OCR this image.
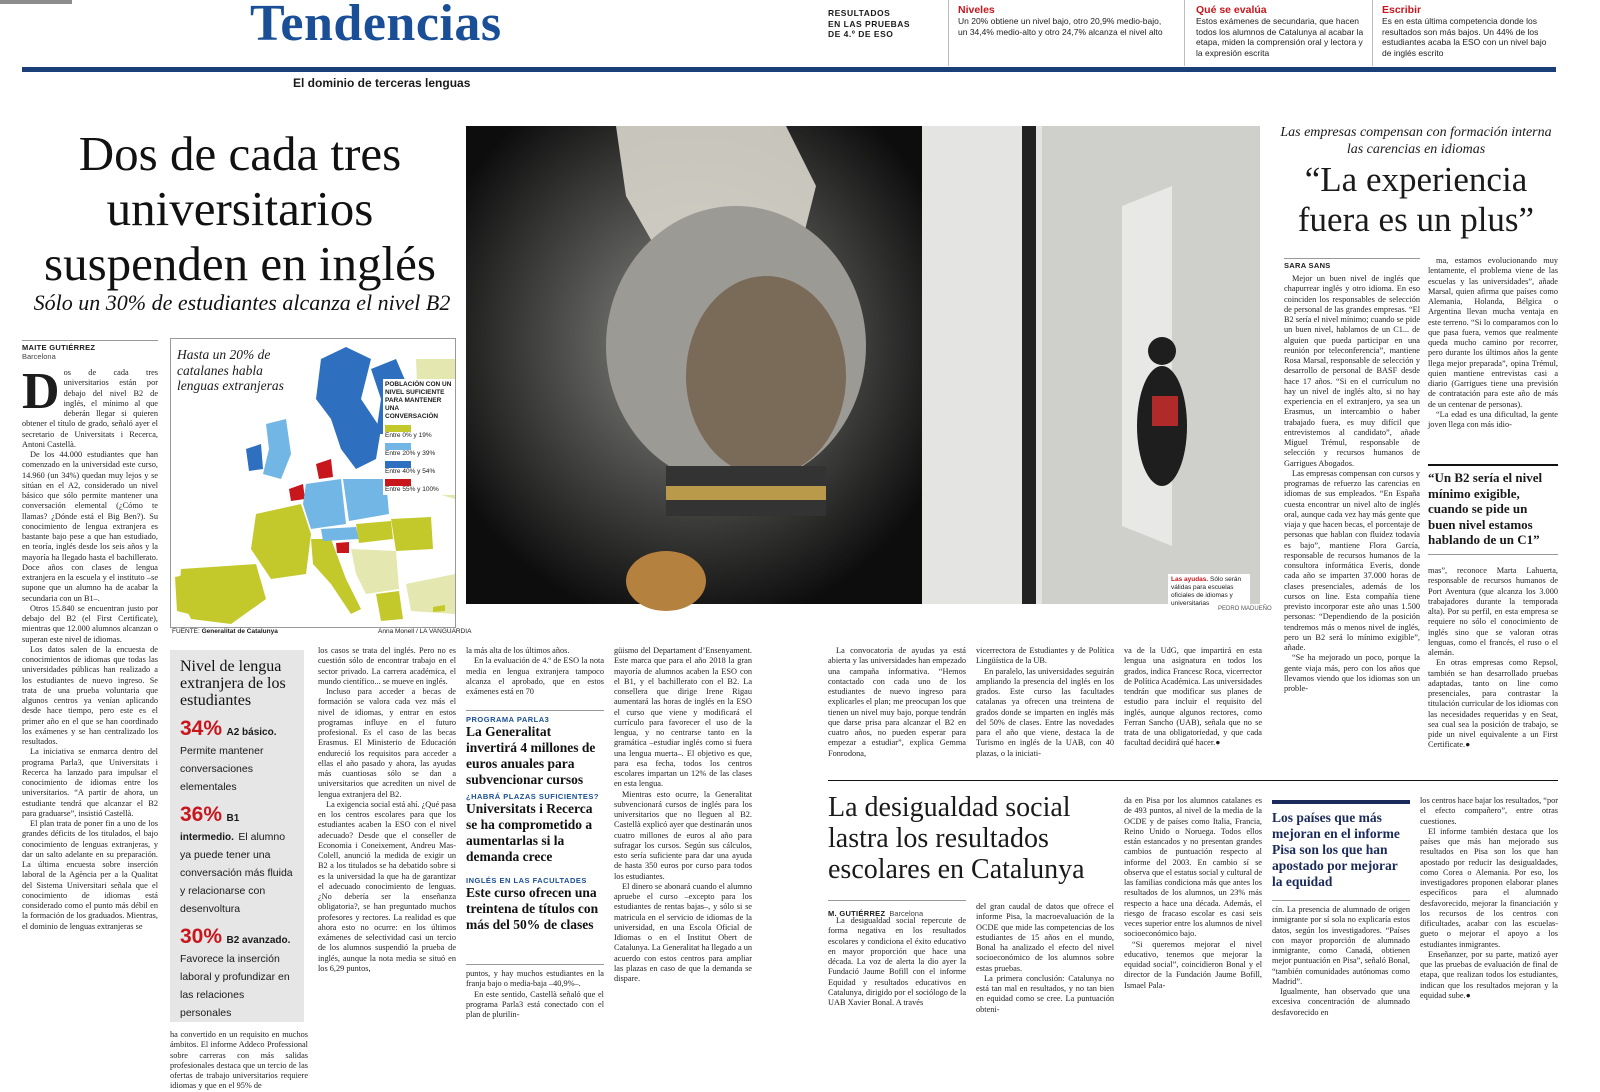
Tendencias	RESULTADOS
EN LAS PRUEBAS
DE 4.º DE ESO
Niveles
Un 20% obtiene un nivel bajo, otro 20,9% medio-bajo, un 34,4% medio-alto y otro 24,7% alcanza el nivel alto
Qué se evalúa
Estos exámenes de secundaria, que hacen todos los alumnos de Catalunya al acabar la etapa, miden la comprensión oral y lectora y la expresión escrita
Escribir
Es en esta última competencia donde los resultados son más bajos. Un 44% de los estudiantes acaba la ESO con un nivel bajo de inglés escrito
El dominio de terceras lenguas
Dos de cada tres universitarios suspenden en inglés
Sólo un 30% de estudiantes alcanza el nivel B2
MAITE GUTIÉRREZ
Barcelona
D os de cada tres universitarios están por debajo del nivel B2 de inglés, el mínimo al que deberán llegar si quieren obtener el título de grado, señaló ayer el secretario de Universitats i Recerca, Antoni Castellà.

De los 44.000 estudiantes que han comenzado en la universidad este curso, 14.960 (un 34%) quedan muy lejos y se sitúan en el A2, considerado un nivel básico que sólo permite mantener una conversación elemental (¿Cómo te llamas? ¿Dónde está el Big Ben?). Su conocimiento de lengua extranjera es bastante bajo pese a que han estudiado, en teoría, inglés desde los seis años y la mayoría ha llegado hasta el bachillerato. Doce años con clases de lengua extranjera en la escuela y el instituto –se supone que un alumno ha de acabar la secundaria con un B1–.

Otros 15.840 se encuentran justo por debajo del B2 (el First Certificate), mientras que 12.000 alumnos alcanzan o superan este nivel de idiomas.

Los datos salen de la encuesta de conocimientos de idiomas que todas las universidades públicas han realizado a los estudiantes de nuevo ingreso. Se trata de una prueba voluntaria que algunos centros ya venían aplicando desde hace tiempo, pero este es el primer año en el que se han coordinado los exámenes y se han centralizado los resultados.

La iniciativa se enmarca dentro del programa Parla3, que Universitats i Recerca ha lanzado para impulsar el conocimiento de idiomas entre los universitarios. “A partir de ahora, un estudiante tendrá que alcanzar el B2 para graduarse”, insistió Castellà.

El plan trata de poner fin a uno de los grandes déficits de los titulados, el bajo conocimiento de lenguas extranjeras, y dar un salto adelante en su preparación. La última encuesta sobre inserción laboral de la Agència per a la Qualitat del Sistema Universitari señala que el conocimiento de idiomas está considerado como el punto más débil en la formación de los graduados. Mientras, el dominio de lenguas extranjeras se

Hasta un 20% de catalanes habla lenguas extranjeras	POBLACIÓN CON UN NIVEL SUFICIENTE PARA MANTENER UNA CONVERSACIÓN
Entre 0% y 19%
Entre 20% y 39%
Entre 40% y 54%
Entre 55% y 100%
FUENTE: Generalitat de Catalunya	Anna Monell / LA VANGUARDIA
Nivel de lengua extranjera de los estudiantes
34% A2 básico. Permite mantener conversaciones elementales
36% B1 intermedio. El alumno ya puede tener una conversación más fluida y relacionarse con desenvoltura
30% B2 avanzado. Favorece la inserción laboral y profundizar en las relaciones personales

los casos se trata del inglés. Pero no es cuestión sólo de encontrar trabajo en el sector privado. La carrera académica, el mundo científico... se mueve en inglés.

Incluso para acceder a becas de formación se valora cada vez más el nivel de idiomas, y entrar en estos programas influye en el futuro profesional. Es el caso de las becas Erasmus. El Ministerio de Educación endureció los requisitos para acceder a ellas el año pasado y ahora, las ayudas más cuantiosas sólo se dan a universitarios que acrediten un nivel de lengua extranjera del B2.

La exigencia social está ahí. ¿Qué pasa en los centros escolares para que los estudiantes acaben la ESO con el nivel adecuado? Desde que el conseller de Economia i Coneixement, Andreu Mas-Colell, anunció la medida de exigir un B2 a los titulados se ha debatido sobre si es la universidad la que ha de garantizar el adecuado conocimiento de lenguas. ¿No debería ser la enseñanza obligatoria?, se han preguntado muchos profesores y rectores. La realidad es que ahora esto no ocurre: en los últimos exámenes de selectividad casi un tercio de los alumnos suspendió la prueba de inglés, aunque la nota media se situó en los 6,29 puntos,

ha convertido en un requisito en muchos ámbitos. El informe Addeco Professional sobre carreras con más salidas profesionales destaca que un tercio de las ofertas de trabajo universitarios requiere idiomas y que en el 95% de

Las ayudas. Sólo serán válidas para escuelas oficiales de idiomas y universitarias
PEDRO MADUEÑO

la más alta de los últimos años.

En la evaluación de 4.º de ESO la nota media en lengua extranjera tampoco alcanza el aprobado, que en estos exámenes está en 70

PROGRAMA PARLA3
La Generalitat invertirá 4 millones de euros anuales para subvencionar cursos
¿HABRÁ PLAZAS SUFICIENTES?
Universitats i Recerca se ha comprometido a aumentarlas si la demanda crece
INGLÉS EN LAS FACULTADES
Este curso ofrecen una treintena de títulos con más del 50% de clases

puntos, y hay muchos estudiantes en la franja bajo o media-baja –40,9%–.

En este sentido, Castellà señaló que el programa Parla3 está conectado con el plan de plurilin-

güismo del Departament d’Ensenyament. Este marca que para el año 2018 la gran mayoría de alumnos acaben la ESO con el B1, y el bachillerato con el B2. La consellera que dirige Irene Rigau aumentará las horas de inglés en la ESO el curso que viene y modificará el currículo para favorecer el uso de la lengua, y no centrarse tanto en la gramática –estudiar inglés como si fuera una lengua muerta–. El objetivo es que, para esa fecha, todos los centros escolares impartan un 12% de las clases en esta lengua.

Mientras esto ocurre, la Generalitat subvencionará cursos de inglés para los universitarios que no lleguen al B2. Castellà explicó ayer que destinarán unos cuatro millones de euros al año para sufragar los cursos. Según sus cálculos, esto sería suficiente para dar una ayuda de hasta 350 euros por curso para todos los estudiantes.

El dinero se abonará cuando el alumno apruebe el curso –excepto para los estudiantes de rentas bajas–, y sólo si se matricula en el servicio de idiomas de la universidad, en una Escola Oficial de Idiomas o en el Institut Obert de Catalunya. La Generalitat ha llegado a un acuerdo con estos centros para ampliar las plazas en caso de que la demanda se dispare.

La convocatoria de ayudas ya está abierta y las universidades han empezado una campaña informativa. “Hemos contactado con cada uno de los estudiantes de nuevo ingreso para explicarles el plan; me preocupan los que tienen un nivel muy bajo, porque tendrán que darse prisa para alcanzar el B2 en cuatro años, no pueden esperar para empezar a estudiar”, explica Gemma Fonrodona,

vicerrectora de Estudiantes y de Política Lingüística de la UB.

En paralelo, las universidades seguirán ampliando la presencia del inglés en los grados. Este curso las facultades catalanas ya ofrecen una treintena de grados donde se imparten en inglés más del 50% de clases. Entre las novedades para el año que viene, destaca la de Turismo en inglés de la UAB, con 40 plazas, o la iniciati-

va de la UdG, que impartirá en esta lengua una asignatura en todos los grados, indica Francesc Roca, vicerrector de Política Académica. Las universidades tendrán que modificar sus planes de estudio para incluir el requisito del inglés, aunque algunos rectores, como Ferran Sancho (UAB), señala que no se trata de una obligatoriedad, y que cada facultad decidirá qué hacer.●

Las empresas compensan con formación interna las carencias en idiomas
“La experiencia fuera es un plus”
SARA SANS

Mejor un buen nivel de inglés que chapurrear inglés y otro idioma. En eso coinciden los responsables de selección de personal de las grandes empresas. “El B2 sería el nivel mínimo; cuando se pide un buen nivel, hablamos de un C1... de alguien que pueda participar en una reunión por teleconferencia”, mantiene Rosa Marsal, responsable de selección y desarrollo de personal de BASF desde hace 17 años. “Si en el currículum no hay un nivel de inglés alto, si no hay experiencia en el extranjero, ya sea un Erasmus, un intercambio o haber trabajado fuera, es muy difícil que entrevistemos al candidato”, añade Miguel Trémul, responsable de selección y recursos humanos de Garrigues Abogados.

Las empresas compensan con cursos y programas de refuerzo las carencias en idiomas de sus empleados. “En España cuesta encontrar un nivel alto de inglés oral, aunque cada vez hay más gente que viaja y que hacen becas, el porcentaje de personas que hablan con fluidez todavía es bajo”, mantiene Flora García, responsable de recursos humanos de la consultora informática Everis, donde cada año se imparten 37.000 horas de clases presenciales, además de los cursos on line. Esta compañía tiene previsto incorporar este año unas 1.500 personas: “Dependiendo de la posición tendremos más o menos nivel de inglés, pero un B2 será lo mínimo exigible”, añade.

“Se ha mejorado un poco, porque la gente viaja más, pero con los años que llevamos viendo que los idiomas son un proble-

ma, estamos evolucionando muy lentamente, el problema viene de las escuelas y las universidades”, añade Marsal, quien afirma que países como Alemania, Holanda, Bélgica o Argentina llevan mucha ventaja en este terreno. “Si lo comparamos con lo que pasa fuera, vemos que realmente queda mucho camino por recorrer, pero durante los últimos años la gente llega mejor preparada”, opina Trémul, quien mantiene entrevistas casi a diario (Garrigues tiene una previsión de contratación para este año de más de un centenar de personas).

“La edad es una dificultad, la gente joven llega con más idio-

“Un B2 sería el nivel mínimo exigible, cuando se pide un buen nivel estamos hablando de un C1”

mas”, reconoce Marta Lahuerta, responsable de recursos humanos de Port Aventura (que alcanza los 3.000 trabajadores durante la temporada alta). Por su perfil, en esta empresa se requiere no sólo el conocimiento de inglés sino que se valoran otras lenguas, como el francés, el ruso o el alemán.

En otras empresas como Repsol, también se han desarrollado pruebas adaptadas, tanto on line como presenciales, para contrastar la titulación curricular de los idiomas con las necesidades requeridas y en Seat, sea cual sea la posición de trabajo, se pide un nivel equivalente a un First Certificate.●

La desigualdad social lastra los resultados escolares en Catalunya
M. GUTIÉRREZ Barcelona

La desigualdad social repercute de forma negativa en los resultados escolares y condiciona el éxito educativo en mayor proporción que hace una década. La voz de alerta la dio ayer la Fundació Jaume Bofill con el informe Equidad y resultados educativos en Catalunya, dirigido por el sociólogo de la UAB Xavier Bonal. A través

del gran caudal de datos que ofrece el informe Pisa, la macroevaluación de la OCDE que mide las competencias de los estudiantes de 15 años en el mundo, Bonal ha analizado el efecto del nivel socioeconómico de los alumnos sobre estas pruebas.

La primera conclusión: Catalunya no está tan mal en resultados, y no tan bien en equidad como se cree. La puntuación obteni-

da en Pisa por los alumnos catalanes es de 493 puntos, al nivel de la media de la OCDE y de países como Italia, Francia, Reino Unido o Noruega. Todos ellos están estancados y no presentan grandes cambios de puntuación respecto al informe del 2003. En cambio sí se observa que el estatus social y cultural de las familias condiciona más que antes los resultados de los alumnos, un 23% más respecto a hace una década. Además, el riesgo de fracaso escolar es casi seis veces superior entre los alumnos de nivel socioeconómico bajo.

“Si queremos mejorar el nivel educativo, tenemos que mejorar la equidad social”, coincidieron Bonal y el director de la Fundación Jaume Bofill, Ismael Pala-

Los países que más mejoran en el informe Pisa son los que han apostado por mejorar la equidad

cín. La presencia de alumnado de origen inmigrante por sí sola no explicaría estos datos, según los investigadores. “Países con mayor proporción de alumnado inmigrante, como Canadá, obtienen mejor puntuación en Pisa”, señaló Bonal, “también comunidades autónomas como Madrid”.

Igualmente, han observado que una excesiva concentración de alumnado desfavorecido en

los centros hace bajar los resultados, “por el efecto compañero”, entre otras cuestiones.

El informe también destaca que los países que más han mejorado sus resultados en Pisa son los que han apostado por reducir las desigualdades, como Corea o Alemania. Por eso, los investigadores proponen elaborar planes específicos para el alumnado desfavorecido, mejorar la financiación y los recursos de los centros con dificultades, acabar con las escuelas-gueto o mejorar el apoyo a los estudiantes inmigrantes.

Enseñanzer, por su parte, matizó ayer que las pruebas de evaluación de final de etapa, que realizan todos los estudiantes, indican que los resultados mejoran y la equidad sube.●
